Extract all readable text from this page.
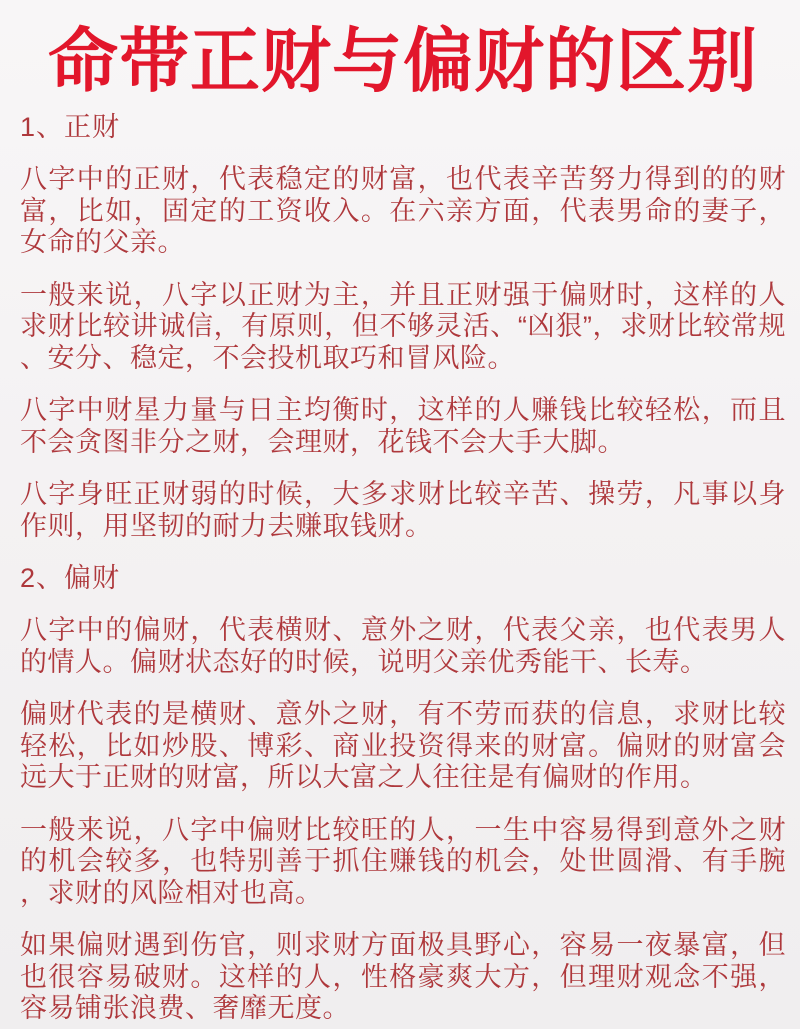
命带正财与偏财的区别
1、正财

八字中的正财，代表稳定的财富，也代表辛苦努力得到的的财富，比如，固定的工资收入。在六亲方面，代表男命的妻子，女命的父亲。

一般来说，八字以正财为主，并且正财强于偏财时，这样的人求财比较讲诚信，有原则，但不够灵活、“凶狠”，求财比较常规、安分、稳定，不会投机取巧和冒风险。

八字中财星力量与日主均衡时，这样的人赚钱比较轻松，而且不会贪图非分之财，会理财，花钱不会大手大脚。

八字身旺正财弱的时候，大多求财比较辛苦、操劳，凡事以身作则，用坚韧的耐力去赚取钱财。

2、偏财

八字中的偏财，代表横财、意外之财，代表父亲，也代表男人的情人。偏财状态好的时候，说明父亲优秀能干、长寿。

偏财代表的是横财、意外之财，有不劳而获的信息，求财比较轻松，比如炒股、博彩、商业投资得来的财富。偏财的财富会远大于正财的财富，所以大富之人往往是有偏财的作用。

一般来说，八字中偏财比较旺的人，一生中容易得到意外之财的机会较多，也特别善于抓住赚钱的机会，处世圆滑、有手腕，求财的风险相对也高。

如果偏财遇到伤官，则求财方面极具野心，容易一夜暴富，但也很容易破财。这样的人，性格豪爽大方，但理财观念不强，容易铺张浪费、奢靡无度。
